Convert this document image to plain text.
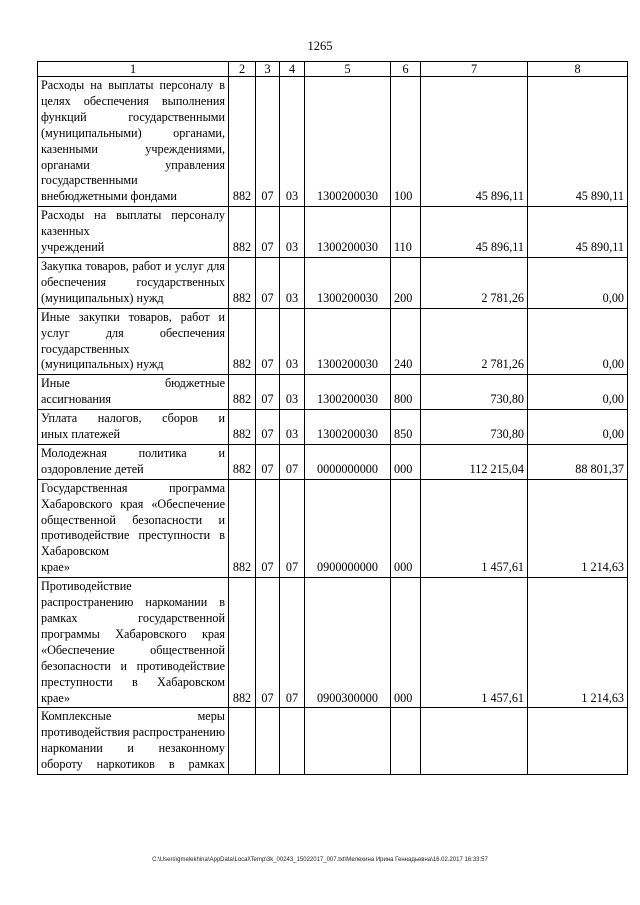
1265
1	2	3	4	5	6	7	8
Расходы на выплаты персоналу в целях обеспечения выполнения функций государственными (муниципальными) органами, казенными учреждениями, органами управления государственными
внебюджетными фондами	882	07	03	1300200030	100	45 896,11	45 890,11
Расходы на выплаты персоналу казенных
учреждений	882	07	03	1300200030	110	45 896,11	45 890,11
Закупка товаров, работ и услуг для обеспечения государственных
(муниципальных) нужд	882	07	03	1300200030	200	2 781,26	0,00
Иные закупки товаров, работ и услуг для обеспечения государственных
(муниципальных) нужд	882	07	03	1300200030	240	2 781,26	0,00
Иные бюджетные
ассигнования	882	07	03	1300200030	800	730,80	0,00
Уплата налогов, сборов и
иных платежей	882	07	03	1300200030	850	730,80	0,00
Молодежная политика и
оздоровление детей	882	07	07	0000000000	000	112 215,04	88 801,37
Государственная программа Хабаровского края «Обеспечение общественной безопасности и противодействие преступности в Хабаровском
крае»	882	07	07	0900000000	000	1 457,61	1 214,63
Противодействие распространению наркомании в рамках государственной программы Хабаровского края «Обеспечение общественной безопасности и противодействие преступности в Хабаровском
крае»	882	07	07	0900300000	000	1 457,61	1 214,63
Комплексные меры противодействия распространению наркомании и незаконному обороту наркотиков в рамках

C:\Users\gmelekhina\AppData\Local\Temp\3k_00243_15022017_007.txt\Мелехина Ирина Геннадьевна\16.02.2017 16:33:57
